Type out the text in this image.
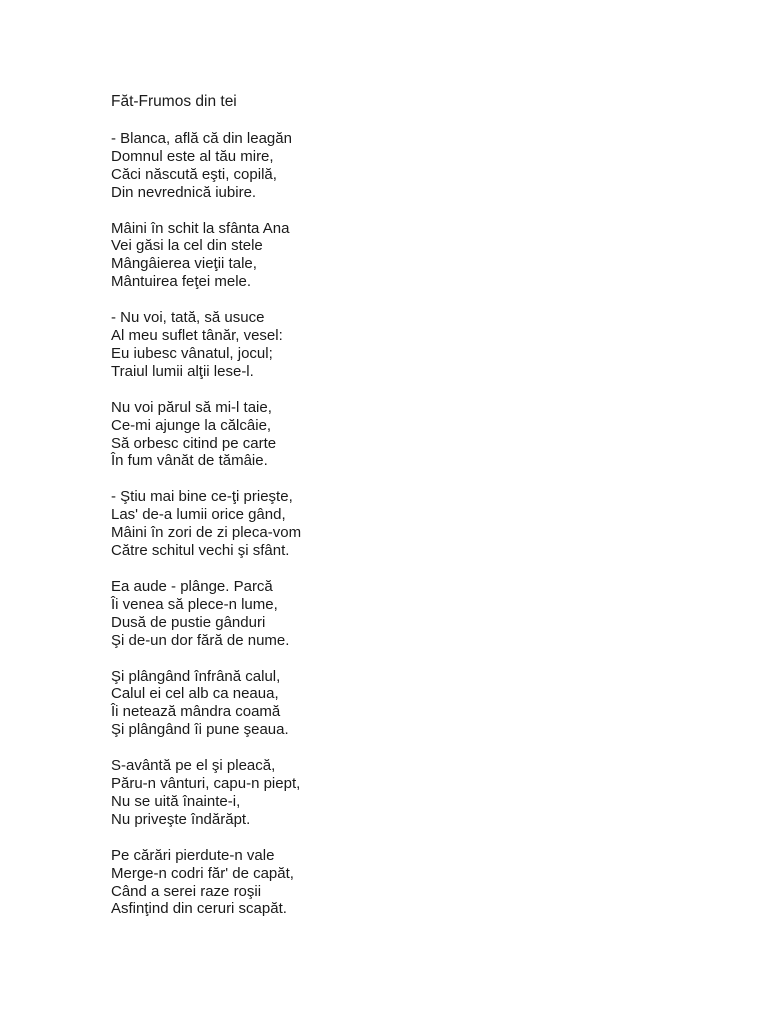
Făt-Frumos din tei
- Blanca, află că din leagăn
Domnul este al tău mire,
Căci născută eşti, copilă,
Din nevrednică iubire.
Mâini în schit la sfânta Ana
Vei găsi la cel din stele
Mângâierea vieţii tale,
Mântuirea feţei mele.
- Nu voi, tată, să usuce
Al meu suflet tânăr, vesel:
Eu iubesc vânatul, jocul;
Traiul lumii alţii lese-l.
Nu voi părul să mi-l taie,
Ce-mi ajunge la călcâie,
Să orbesc citind pe carte
În fum vânăt de tămâie.
- Ştiu mai bine ce-ţi prieşte,
Las' de-a lumii orice gând,
Mâini în zori de zi pleca-vom
Către schitul vechi şi sfânt.
Ea aude - plânge. Parcă
Îi venea să plece-n lume,
Dusă de pustie gânduri
Şi de-un dor fără de nume.
Şi plângând înfrână calul,
Calul ei cel alb ca neaua,
Îi netează mândra coamă
Şi plângând îi pune şeaua.
S-avântă pe el şi pleacă,
Păru-n vânturi, capu-n piept,
Nu se uită înainte-i,
Nu priveşte îndărăpt.
Pe cărări pierdute-n vale
Merge-n codri făr' de capăt,
Când a serei raze roşii
Asfinţind din ceruri scapăt.
